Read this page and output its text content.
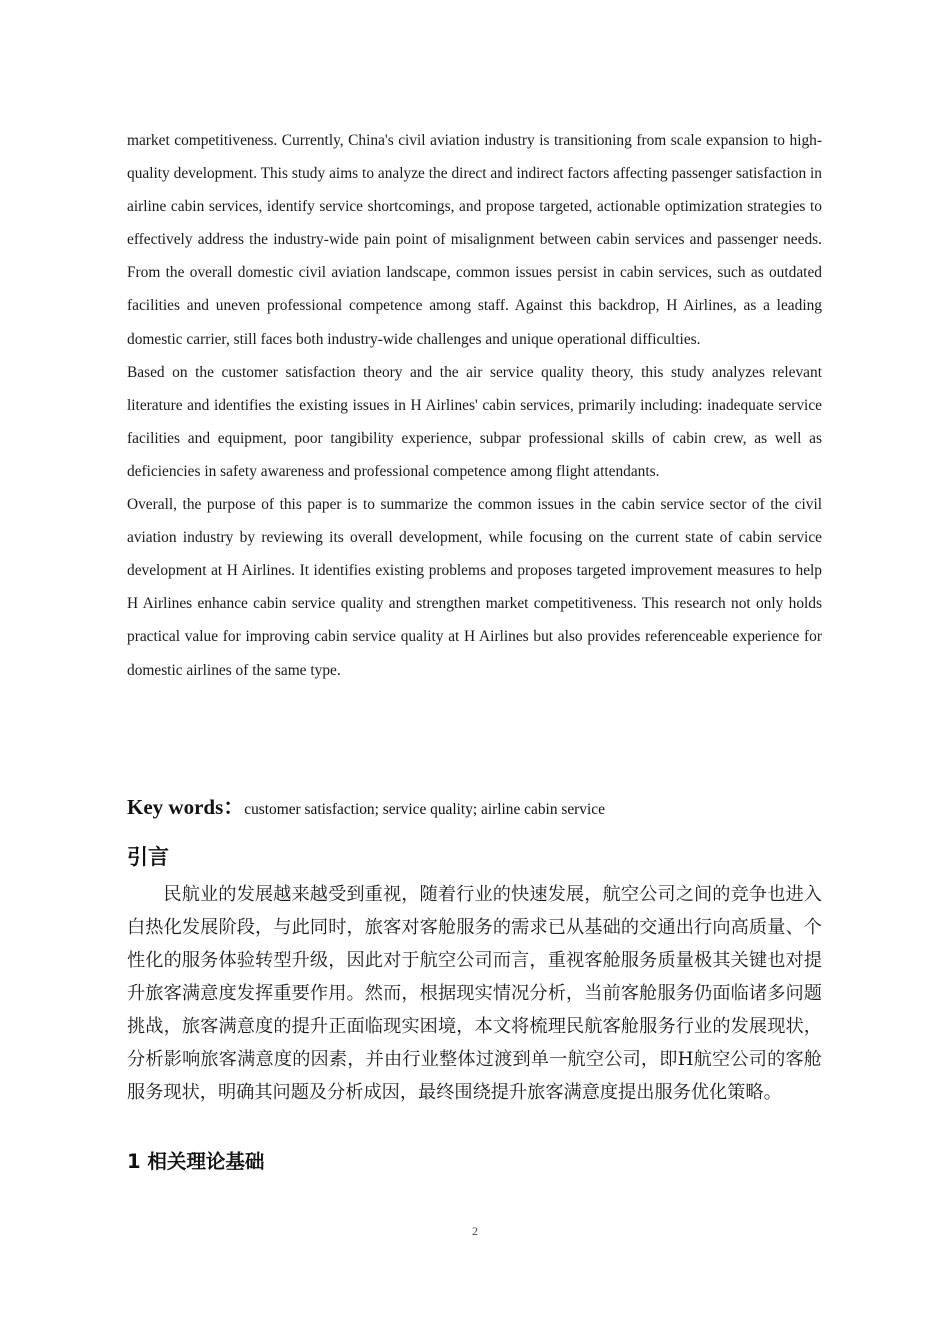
market competitiveness. Currently, China's civil aviation industry is transitioning from scale expansion to high-quality development. This study aims to analyze the direct and indirect factors affecting passenger satisfaction in airline cabin services, identify service shortcomings, and propose targeted, actionable optimization strategies to effectively address the industry-wide pain point of misalignment between cabin services and passenger needs. From the overall domestic civil aviation landscape, common issues persist in cabin services, such as outdated facilities and uneven professional competence among staff. Against this backdrop, H Airlines, as a leading domestic carrier, still faces both industry-wide challenges and unique operational difficulties.

Based on the customer satisfaction theory and the air service quality theory, this study analyzes relevant literature and identifies the existing issues in H Airlines' cabin services, primarily including: inadequate service facilities and equipment, poor tangibility experience, subpar professional skills of cabin crew, as well as deficiencies in safety awareness and professional competence among flight attendants.

Overall, the purpose of this paper is to summarize the common issues in the cabin service sector of the civil aviation industry by reviewing its overall development, while focusing on the current state of cabin service development at H Airlines. It identifies existing problems and proposes targeted improvement measures to help H Airlines enhance cabin service quality and strengthen market competitiveness. This research not only holds practical value for improving cabin service quality at H Airlines but also provides referenceable experience for domestic airlines of the same type.

Key words：customer satisfaction; service quality; airline cabin service
引言

民航业的发展越来越受到重视，随着行业的快速发展，航空公司之间的竞争也进入白热化发展阶段，与此同时，旅客对客舱服务的需求已从基础的交通出行向高质量、个性化的服务体验转型升级，因此对于航空公司而言，重视客舱服务质量极其关键也对提升旅客满意度发挥重要作用。然而，根据现实情况分析，当前客舱服务仍面临诸多问题挑战，旅客满意度的提升正面临现实困境，本文将梳理民航客舱服务行业的发展现状，分析影响旅客满意度的因素，并由行业整体过渡到单一航空公司，即H航空公司的客舱服务现状，明确其问题及分析成因，最终围绕提升旅客满意度提出服务优化策略。

1 相关理论基础
2
